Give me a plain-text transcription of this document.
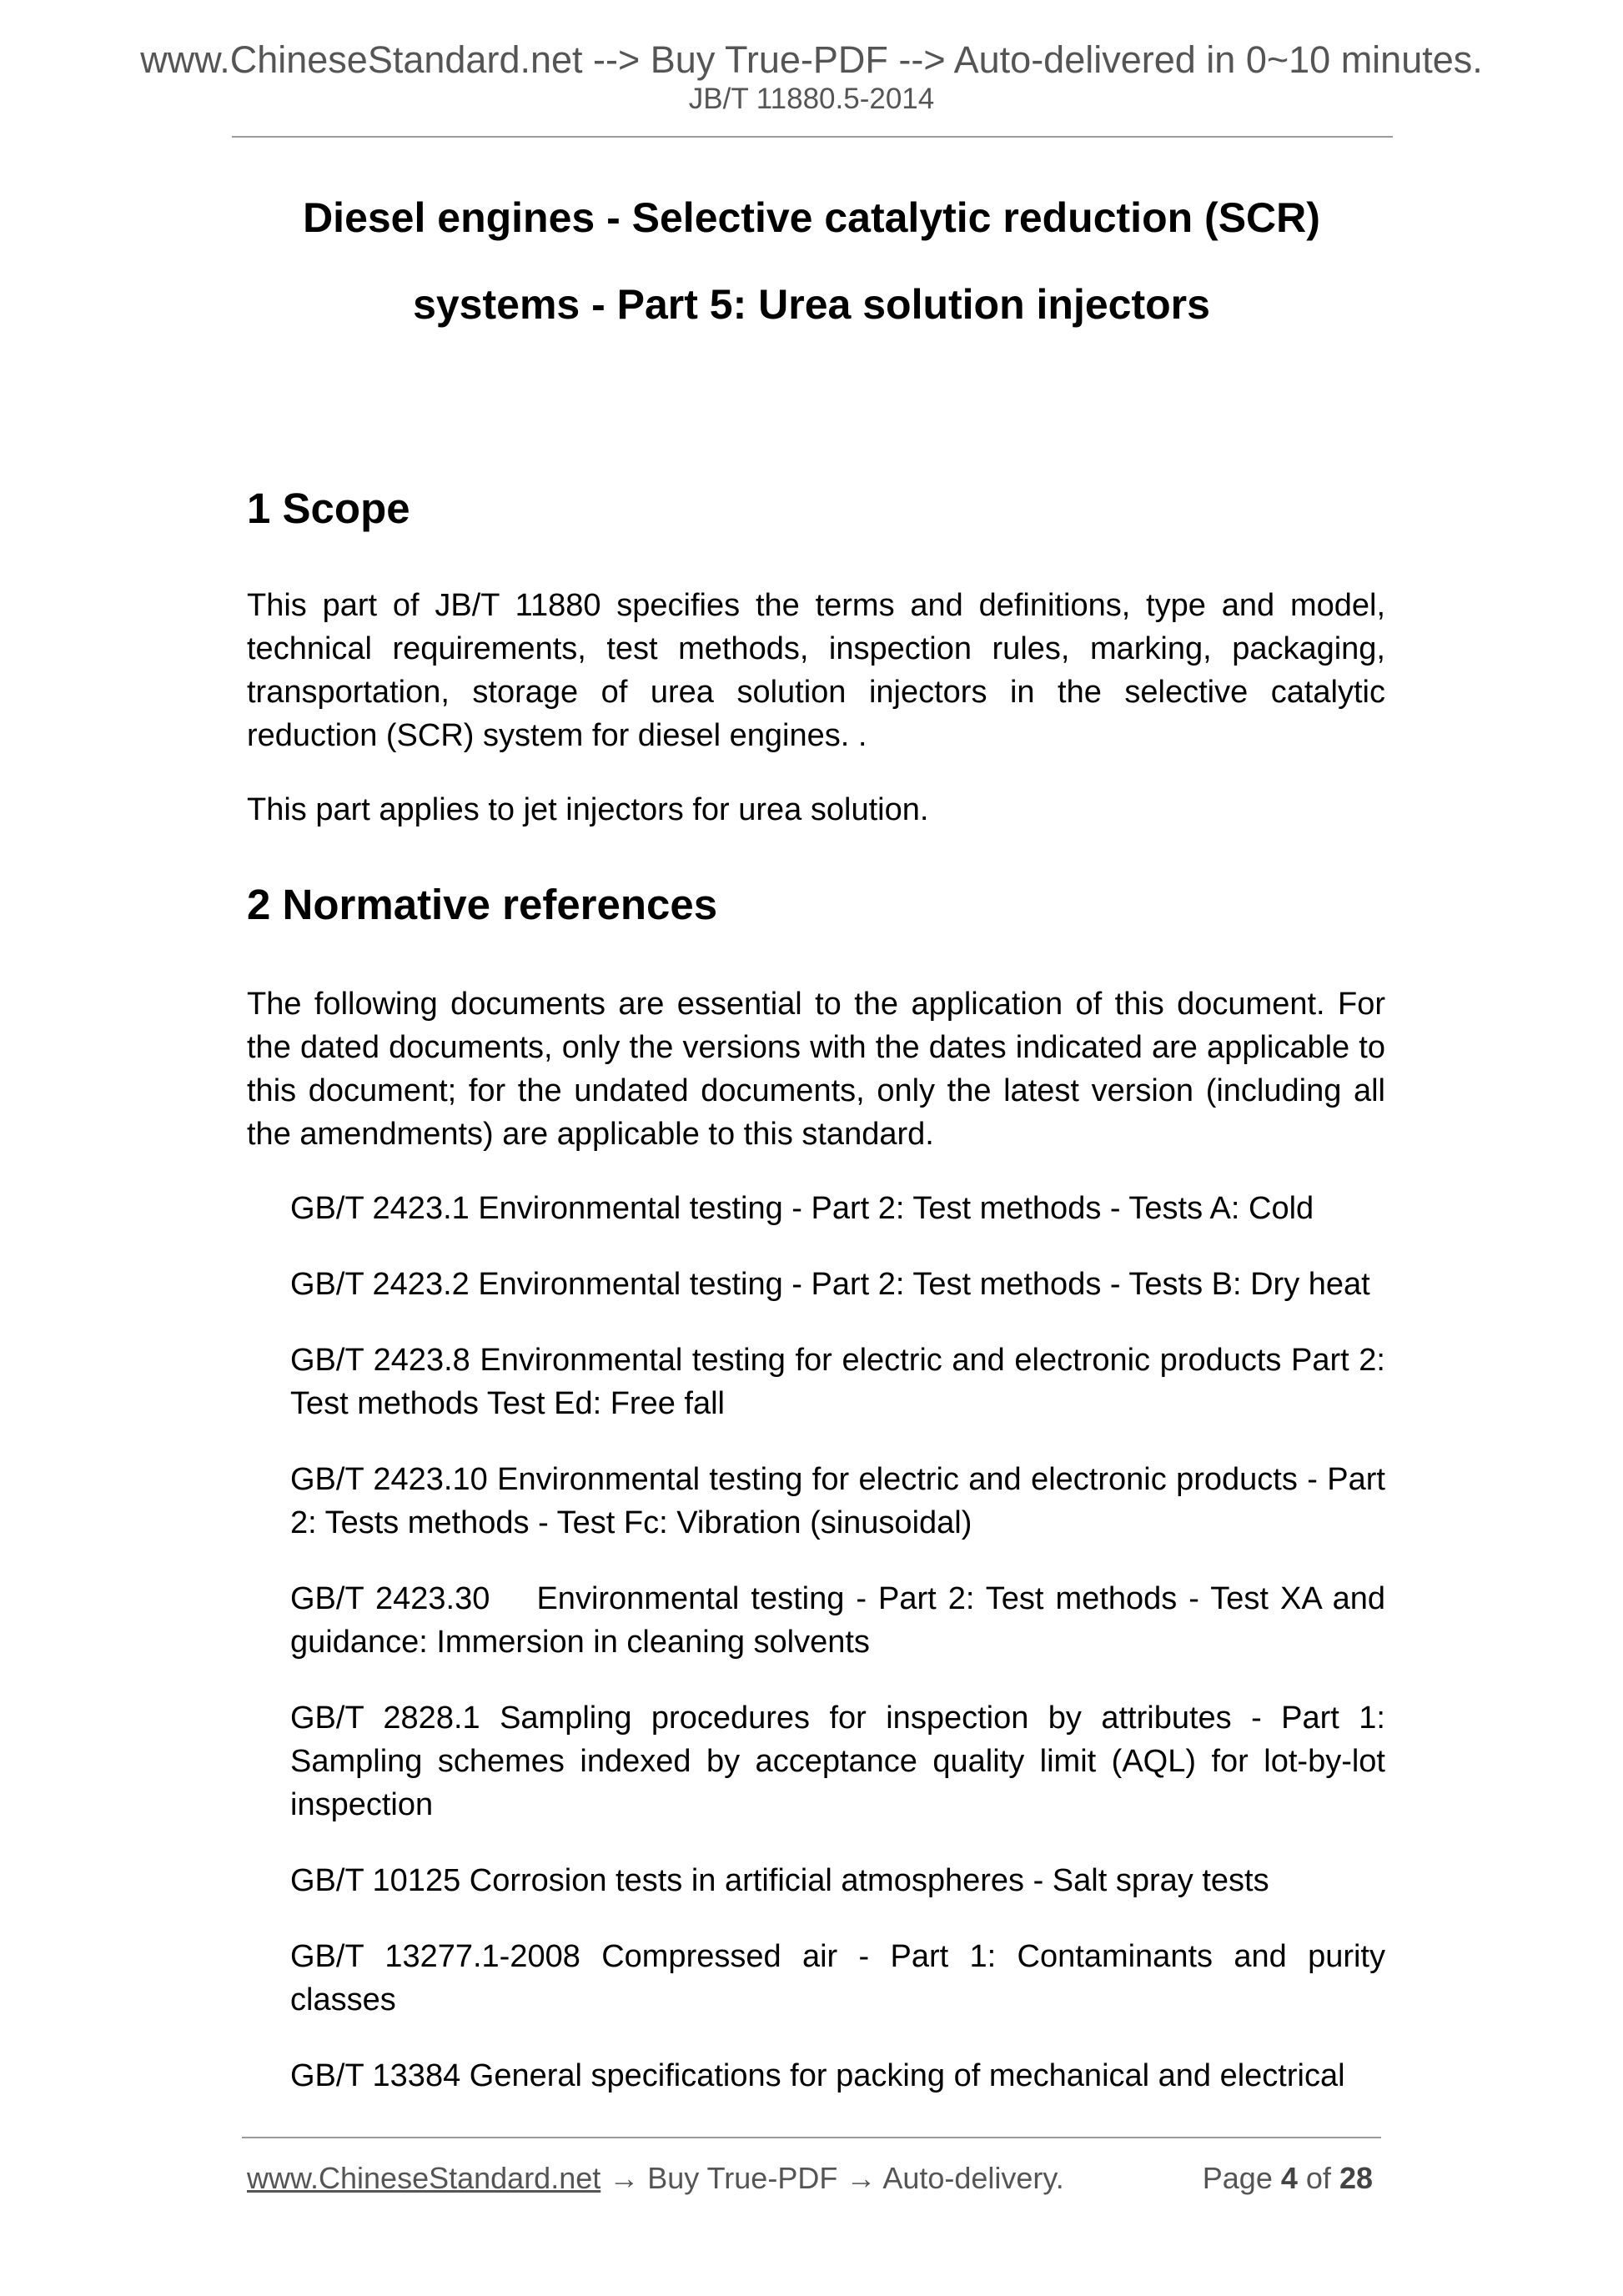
www.ChineseStandard.net --> Buy True-PDF --> Auto-delivered in 0~10 minutes.
JB/T 11880.5-2014
Diesel engines - Selective catalytic reduction (SCR)
systems - Part 5: Urea solution injectors
1 Scope
This part of JB/T 11880 specifies the terms and definitions, type and model, technical requirements, test methods, inspection rules, marking, packaging, transportation, storage of urea solution injectors in the selective catalytic reduction (SCR) system for diesel engines. .
This part applies to jet injectors for urea solution.
2 Normative references
The following documents are essential to the application of this document. For the dated documents, only the versions with the dates indicated are applicable to this document; for the undated documents, only the latest version (including all the amendments) are applicable to this standard.
GB/T 2423.1 Environmental testing - Part 2: Test methods - Tests A: Cold
GB/T 2423.2 Environmental testing - Part 2: Test methods - Tests B: Dry heat
GB/T 2423.8 Environmental testing for electric and electronic products Part 2: Test methods Test Ed: Free fall
GB/T 2423.10 Environmental testing for electric and electronic products - Part 2: Tests methods - Test Fc: Vibration (sinusoidal)
GB/T 2423.30    Environmental testing - Part 2: Test methods - Test XA and guidance: Immersion in cleaning solvents
GB/T 2828.1 Sampling procedures for inspection by attributes - Part 1: Sampling schemes indexed by acceptance quality limit (AQL) for lot-by-lot inspection
GB/T 10125 Corrosion tests in artificial atmospheres - Salt spray tests
GB/T 13277.1-2008 Compressed air - Part 1: Contaminants and purity classes
GB/T 13384 General specifications for packing of mechanical and electrical
www.ChineseStandard.net → Buy True-PDF → Auto-delivery.	Page 4 of 28
